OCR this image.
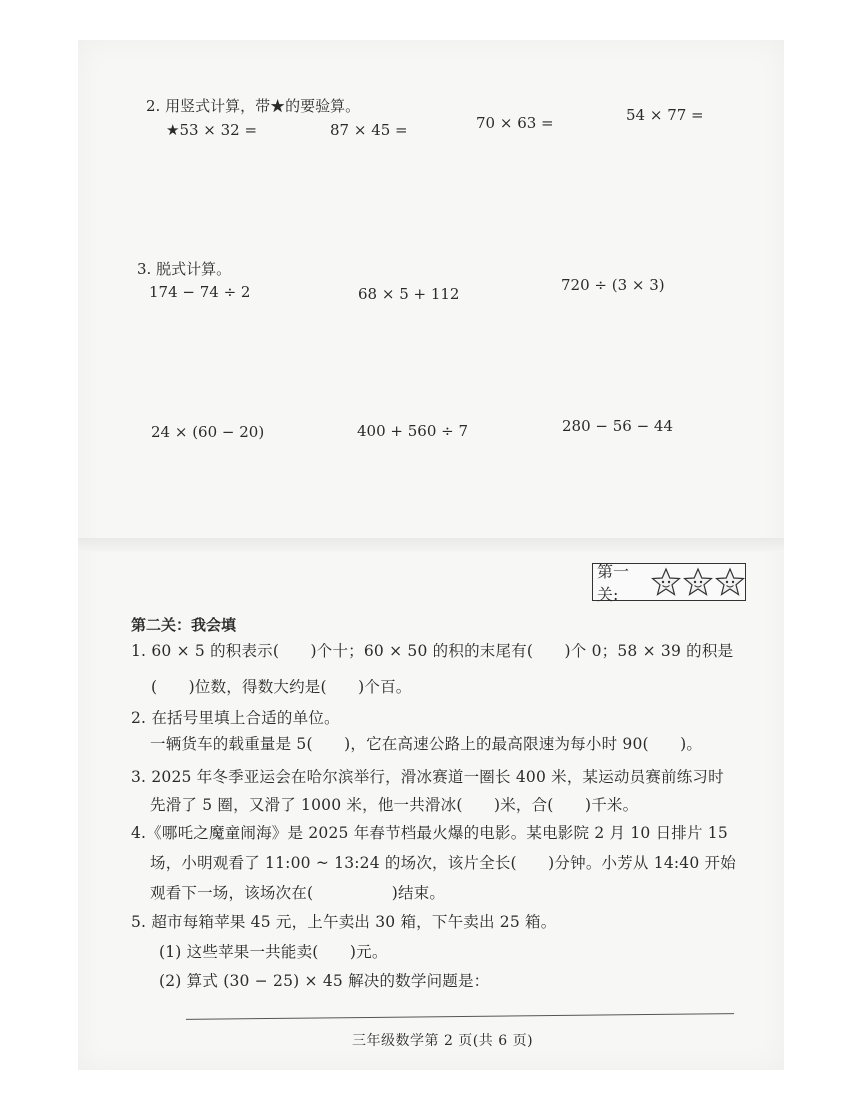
2. 用竖式计算，带★的要验算。
★53 × 32 =	87 × 45 =	70 × 63 =	54 × 77 =
3. 脱式计算。
174 − 74 ÷ 2	68 × 5 + 112	720 ÷ (3 × 3)
24 × (60 − 20)	400 + 560 ÷ 7	280 − 56 − 44
第一关:
第二关：我会填
1. 60 × 5 的积表示(　　)个十；60 × 50 的积的末尾有(　　)个 0；58 × 39 的积是
(　　)位数，得数大约是(　　)个百。
2. 在括号里填上合适的单位。
一辆货车的载重量是 5(　　)，它在高速公路上的最高限速为每小时 90(　　)。
3. 2025 年冬季亚运会在哈尔滨举行，滑冰赛道一圈长 400 米，某运动员赛前练习时
先滑了 5 圈，又滑了 1000 米，他一共滑冰(　　)米，合(　　)千米。
4.《哪吒之魔童闹海》是 2025 年春节档最火爆的电影。某电影院 2 月 10 日排片 15
场，小明观看了 11:00 ~ 13:24 的场次，该片全长(　　)分钟。小芳从 14:40 开始
观看下一场，该场次在(　　　　　)结束。
5. 超市每箱苹果 45 元，上午卖出 30 箱，下午卖出 25 箱。
(1) 这些苹果一共能卖(　　)元。
(2) 算式 (30 − 25) × 45 解决的数学问题是：
三年级数学第 2 页(共 6 页)
